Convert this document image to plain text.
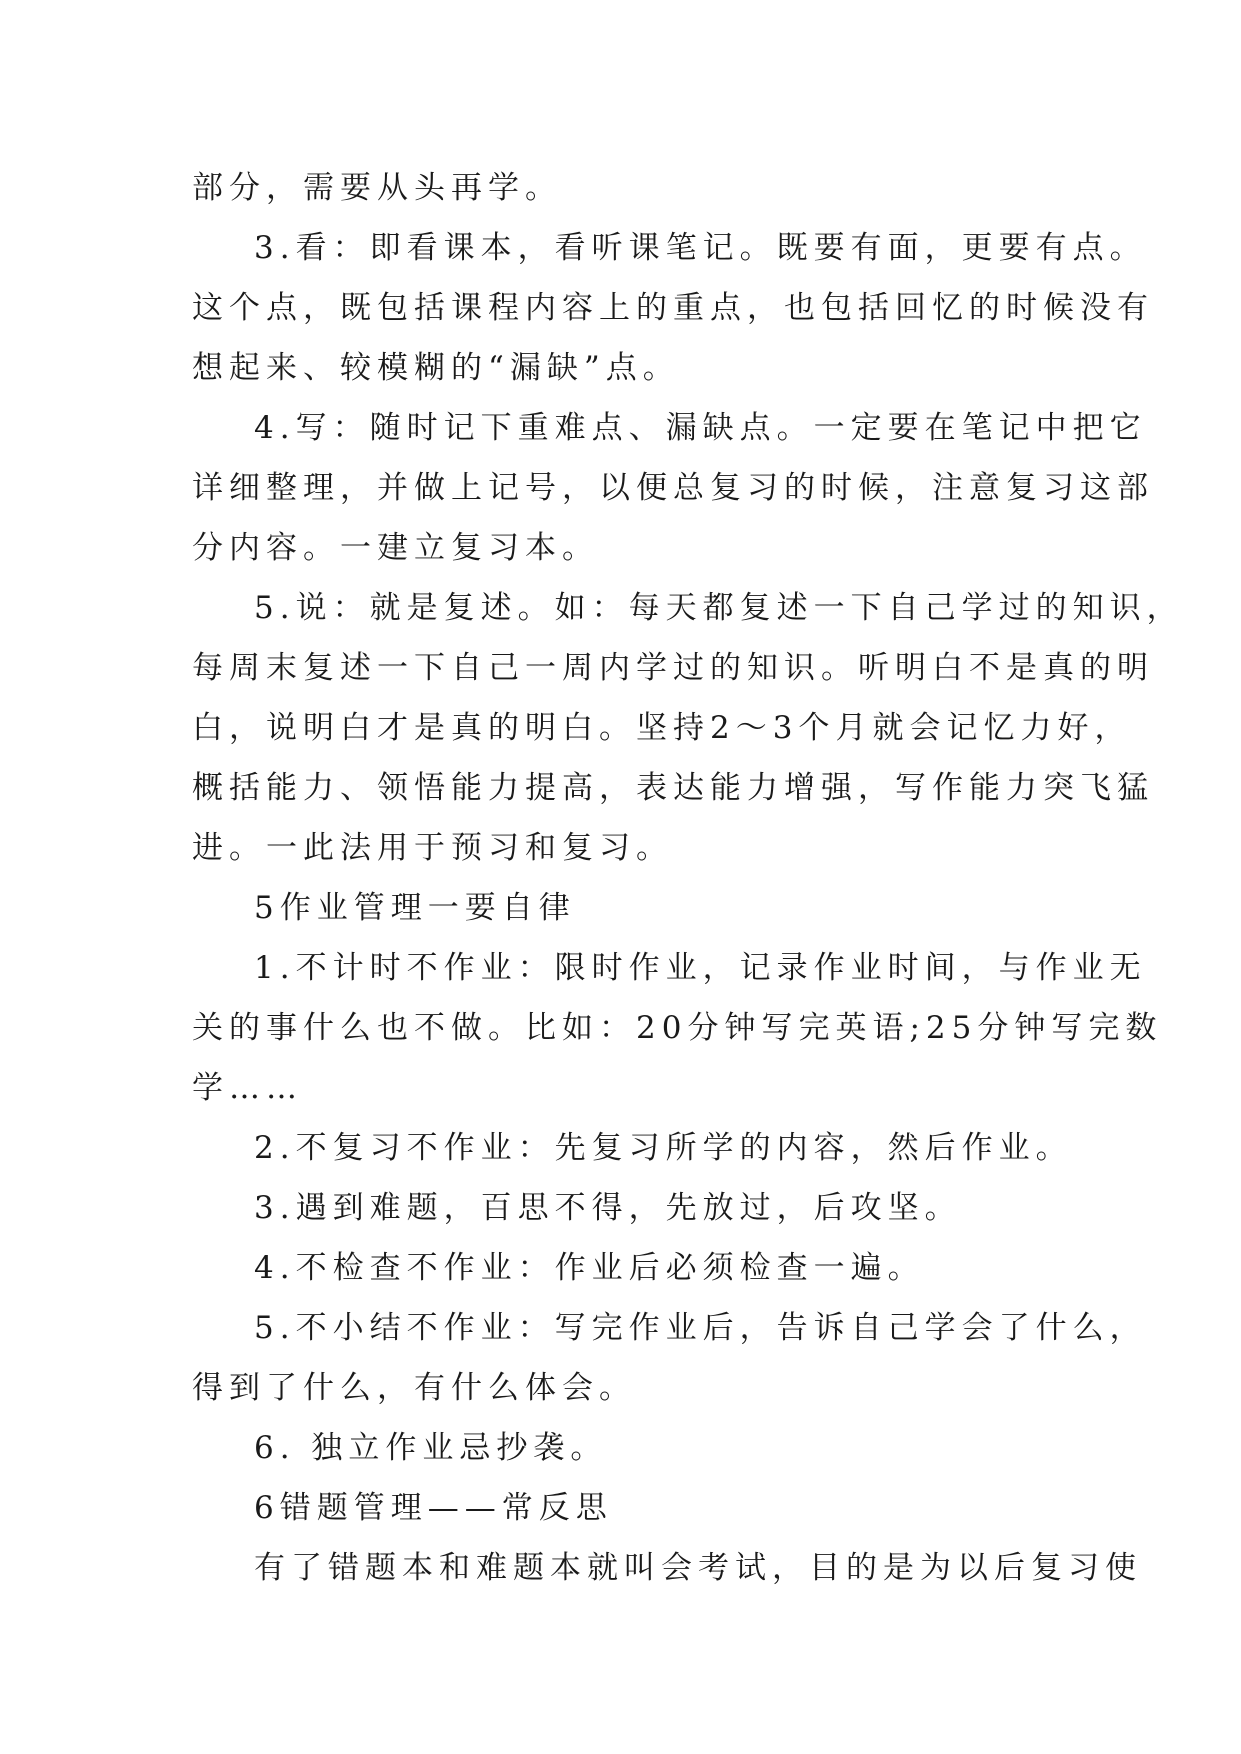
部分，需要从头再学。
3.看：即看课本，看听课笔记。既要有面，更要有点。
这个点，既包括课程内容上的重点，也包括回忆的时候没有
想起来、较模糊的“漏缺”点。
4.写：随时记下重难点、漏缺点。一定要在笔记中把它
详细整理，并做上记号，以便总复习的时候，注意复习这部
分内容。一建立复习本。
5.说：就是复述。如：每天都复述一下自己学过的知识，
每周末复述一下自己一周内学过的知识。听明白不是真的明
白，说明白才是真的明白。坚持2～3个月就会记忆力好，
概括能力、领悟能力提高，表达能力增强，写作能力突飞猛
进。一此法用于预习和复习。
5作业管理一要自律
1.不计时不作业：限时作业，记录作业时间，与作业无
关的事什么也不做。比如：20分钟写完英语;25分钟写完数
学……
2.不复习不作业：先复习所学的内容，然后作业。
3.遇到难题，百思不得，先放过，后攻坚。
4.不检查不作业：作业后必须检查一遍。
5.不小结不作业：写完作业后，告诉自己学会了什么，
得到了什么，有什么体会。
6. 独立作业忌抄袭。
6错题管理——常反思
有了错题本和难题本就叫会考试，目的是为以后复习使
